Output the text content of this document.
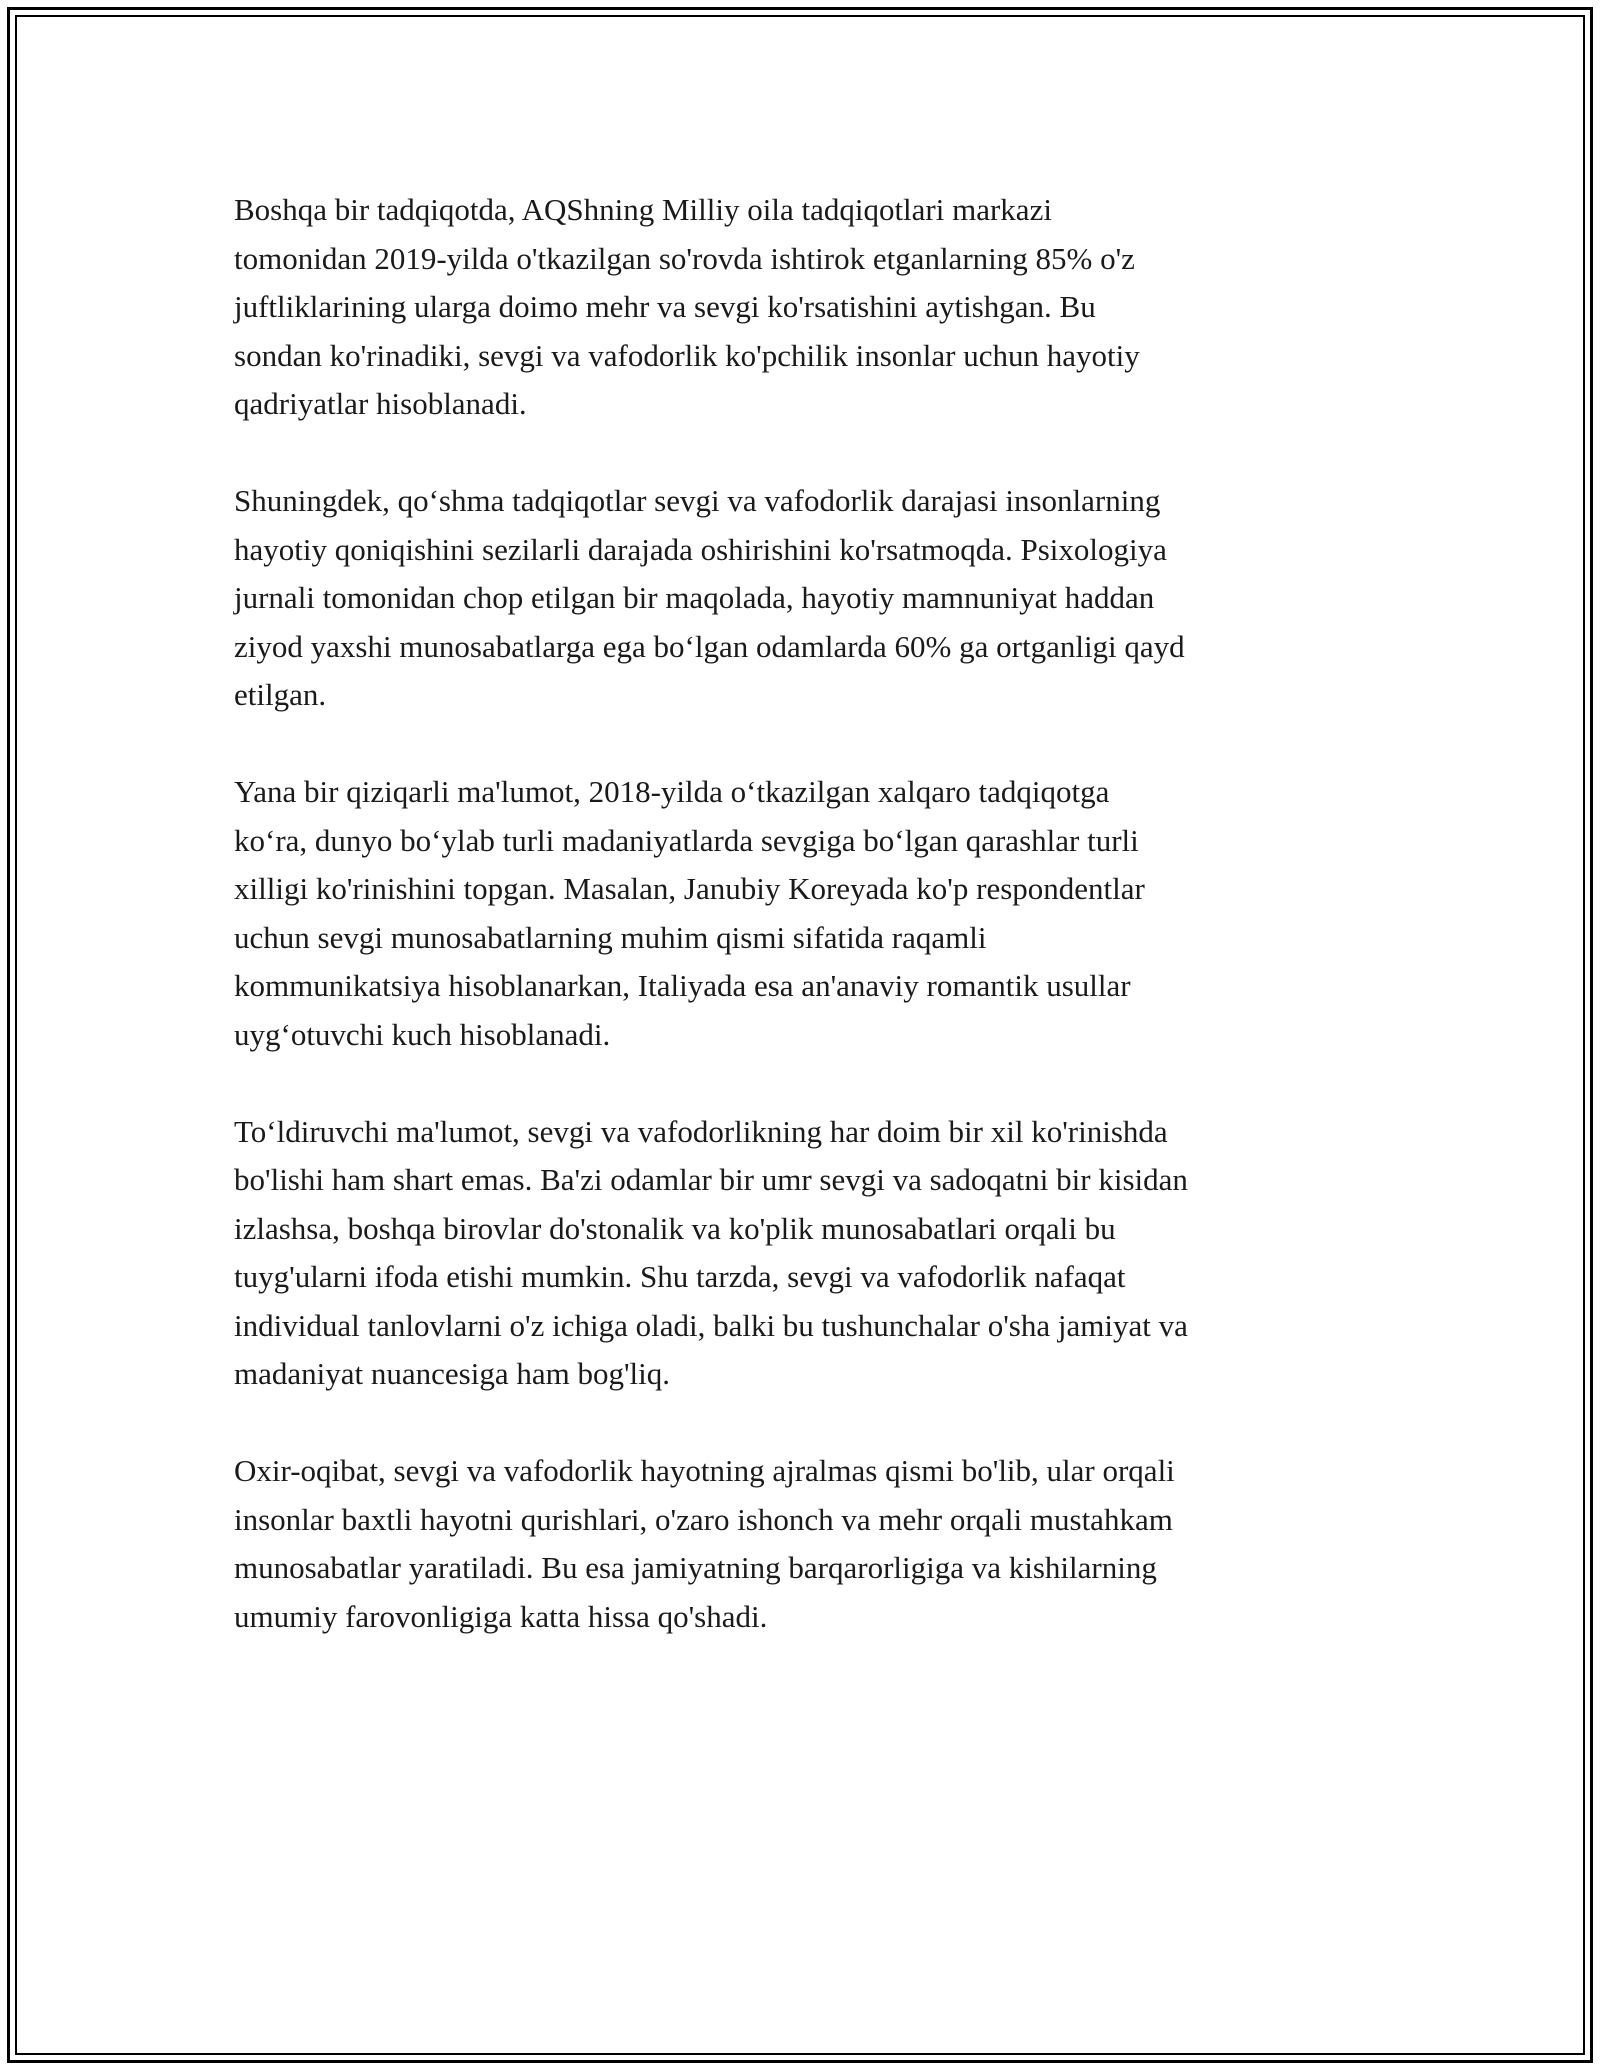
Boshqa bir tadqiqotda, AQShning Milliy oila tadqiqotlari markazi
tomonidan 2019-yilda o'tkazilgan so'rovda ishtirok etganlarning 85% o'z
juftliklarining ularga doimo mehr va sevgi ko'rsatishini aytishgan. Bu
sondan ko'rinadiki, sevgi va vafodorlik ko'pchilik insonlar uchun hayotiy
qadriyatlar hisoblanadi.

Shuningdek, qo‘shma tadqiqotlar sevgi va vafodorlik darajasi insonlarning
hayotiy qoniqishini sezilarli darajada oshirishini ko'rsatmoqda. Psixologiya
jurnali tomonidan chop etilgan bir maqolada, hayotiy mamnuniyat haddan
ziyod yaxshi munosabatlarga ega bo‘lgan odamlarda 60% ga ortganligi qayd
etilgan.

Yana bir qiziqarli ma'lumot, 2018-yilda o‘tkazilgan xalqaro tadqiqotga
ko‘ra, dunyo bo‘ylab turli madaniyatlarda sevgiga bo‘lgan qarashlar turli
xilligi ko'rinishini topgan. Masalan, Janubiy Koreyada ko'p respondentlar
uchun sevgi munosabatlarning muhim qismi sifatida raqamli
kommunikatsiya hisoblanarkan, Italiyada esa an'anaviy romantik usullar
uyg‘otuvchi kuch hisoblanadi.

To‘ldiruvchi ma'lumot, sevgi va vafodorlikning har doim bir xil ko'rinishda
bo'lishi ham shart emas. Ba'zi odamlar bir umr sevgi va sadoqatni bir kisidan
izlashsa, boshqa birovlar do'stonalik va ko'plik munosabatlari orqali bu
tuyg'ularni ifoda etishi mumkin. Shu tarzda, sevgi va vafodorlik nafaqat
individual tanlovlarni o'z ichiga oladi, balki bu tushunchalar o'sha jamiyat va
madaniyat nuancesiga ham bog'liq.

Oxir-oqibat, sevgi va vafodorlik hayotning ajralmas qismi bo'lib, ular orqali
insonlar baxtli hayotni qurishlari, o'zaro ishonch va mehr orqali mustahkam
munosabatlar yaratiladi. Bu esa jamiyatning barqarorligiga va kishilarning
umumiy farovonligiga katta hissa qo'shadi.
